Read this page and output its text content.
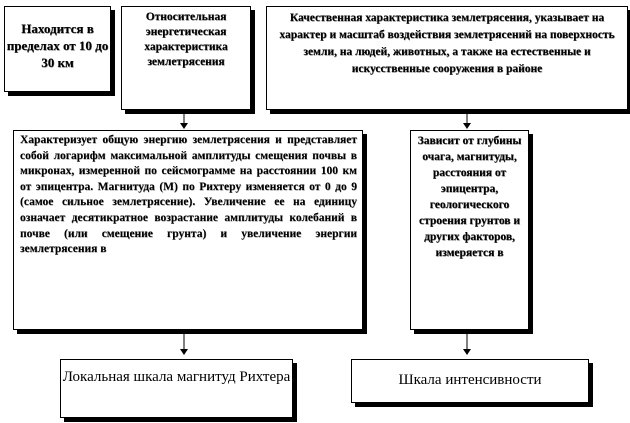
Находится в пределах от 10 до 30 км
Относительная энергетическая характеристика землетрясения
Качественная характеристика землетрясения, указывает на характер и масштаб воздействия землетрясений на поверхность земли, на людей, животных, а также на естественные и искусственные сооружения в районе
Характеризует общую энергию землетрясения и представляет собой логарифм максимальной амплитуды смещения почвы в микронах, измеренной по сейсмограмме на расстоянии 100 км от эпицентра. Магнитуда (М) по Рихтеру изменяется от 0 до 9 (самое сильное землетрясение). Увеличение ее на единицу означает десятикратное возрастание амплитуды колебаний в почве (или смещение грунта) и увеличение энергии землетрясения в
Зависит от глубины очага, магнитуды, расстояния от эпицентра, геологического строения грунтов и других факторов, измеряется в
Локальная шкала магнитуд Рихтера	Шкала интенсивности
